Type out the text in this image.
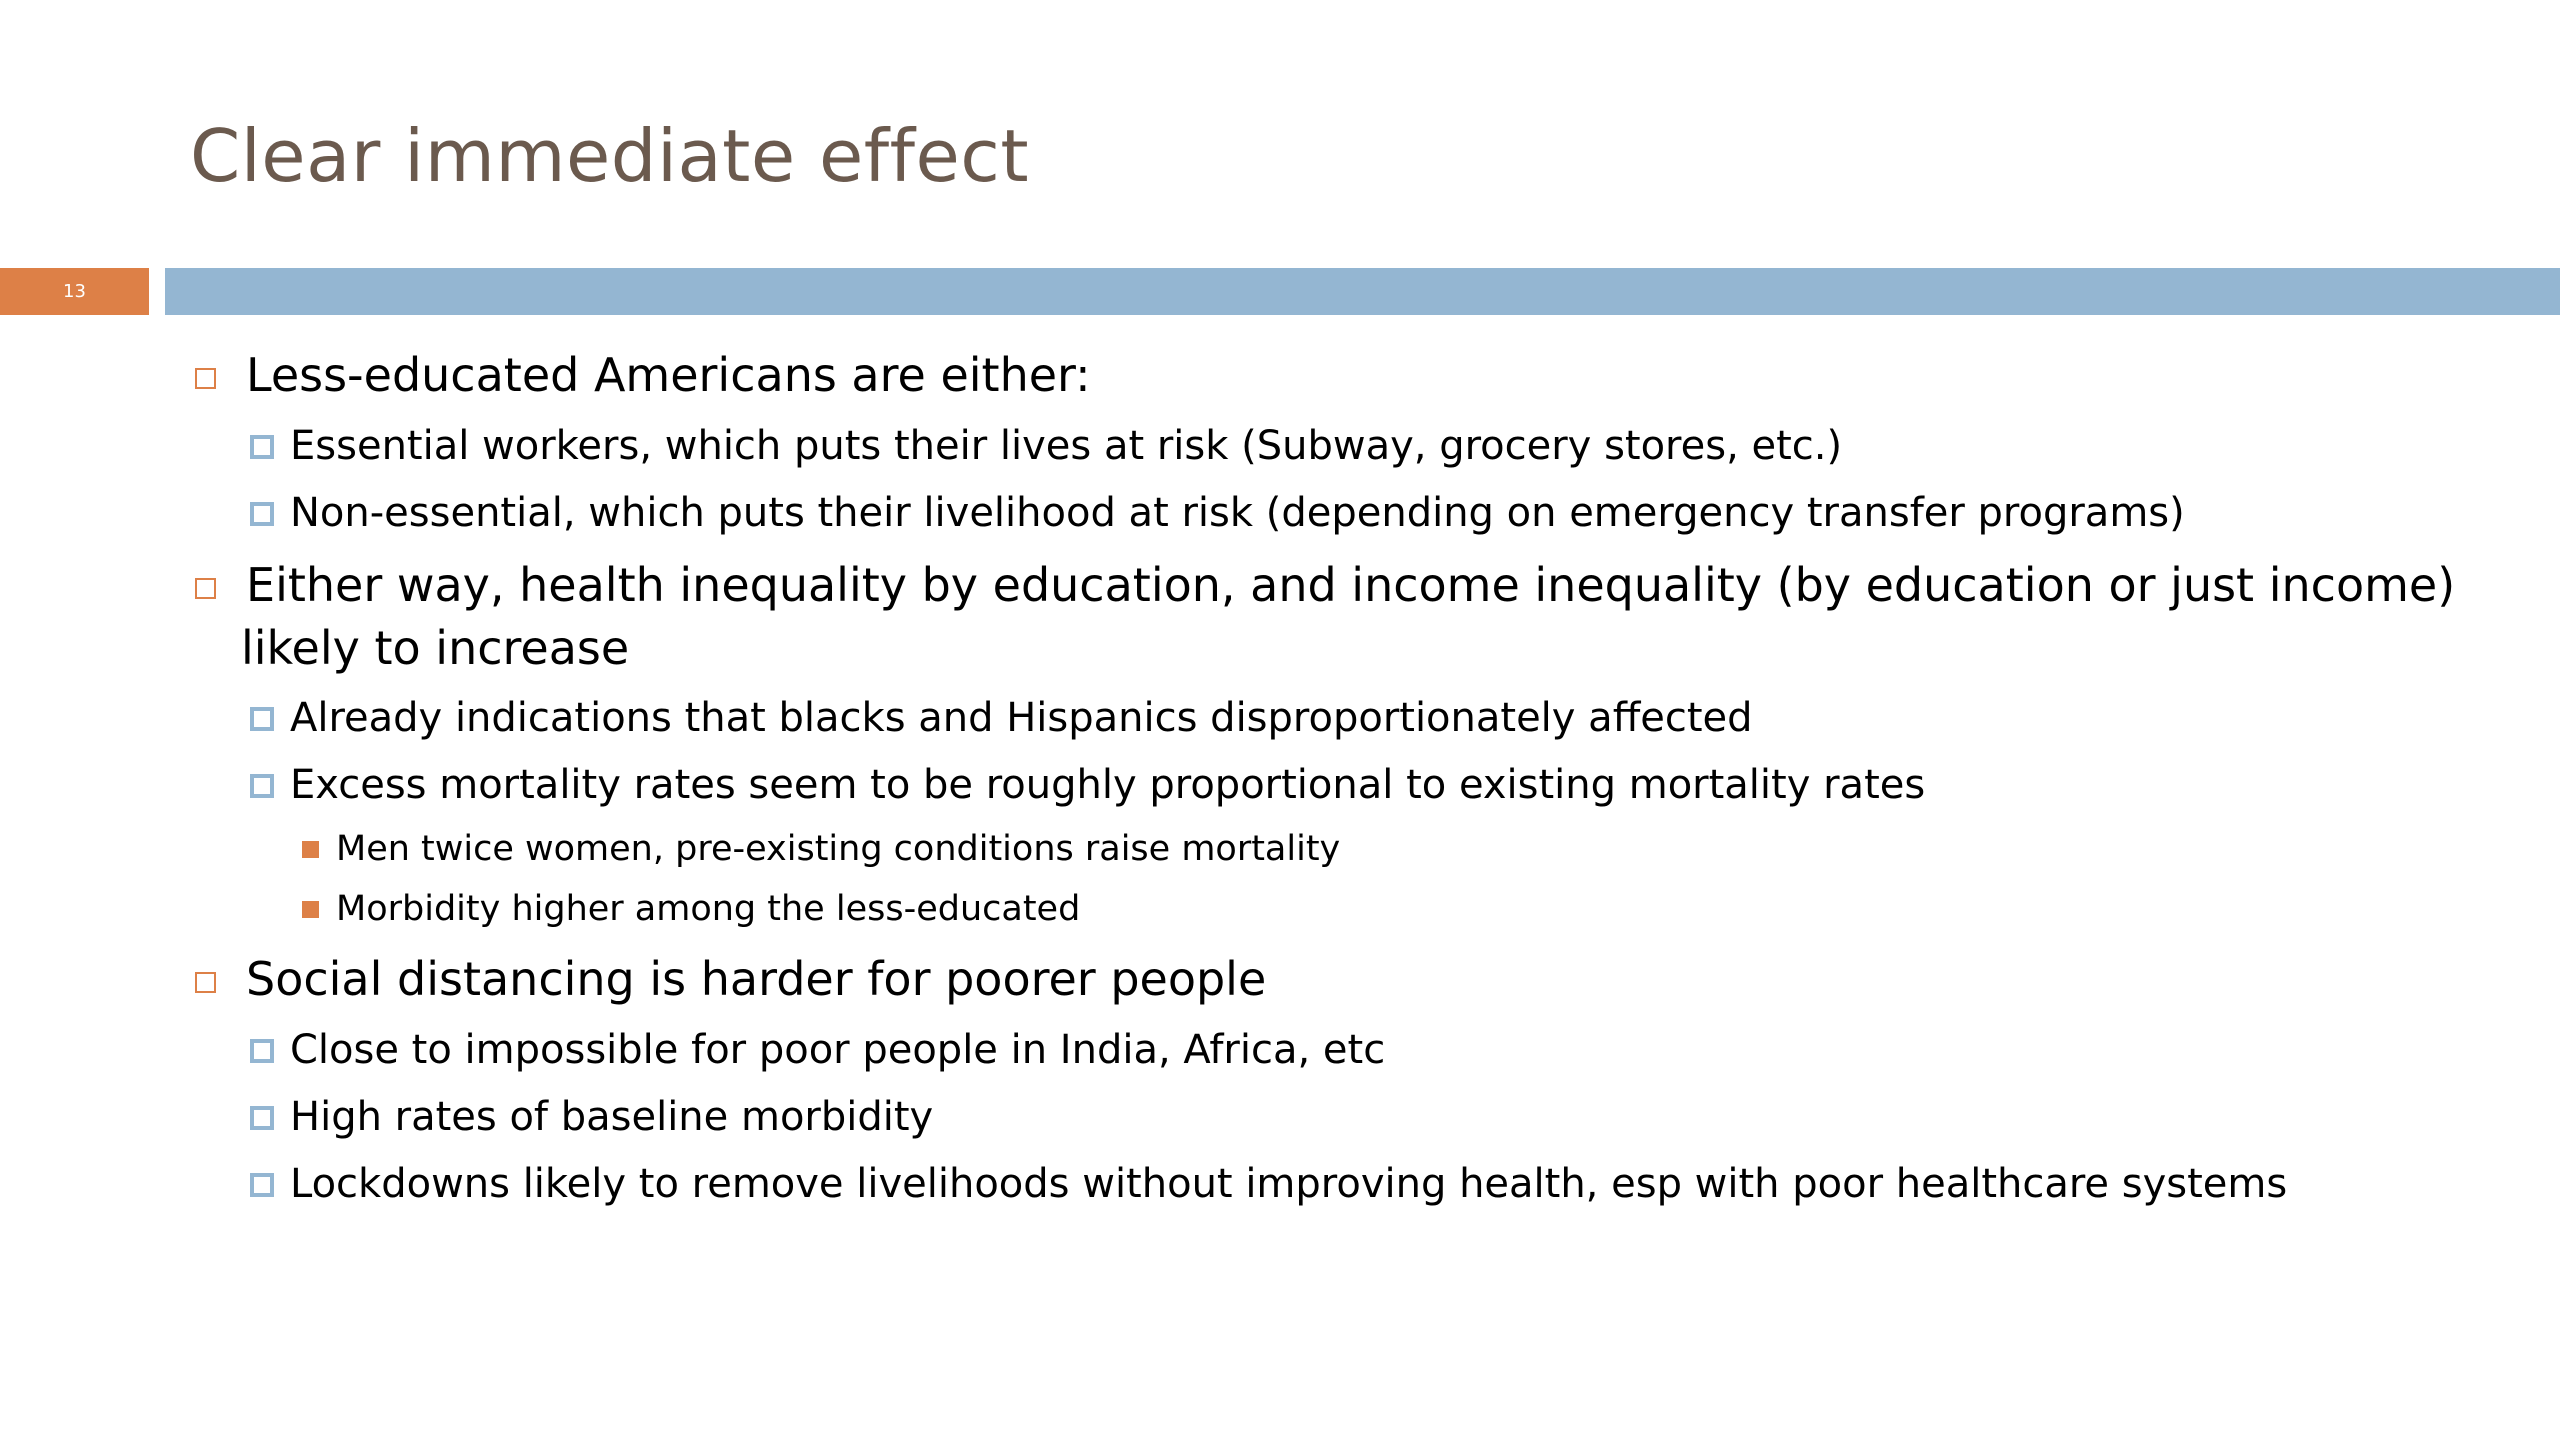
Clear immediate effect
13
Less-educated Americans are either:
Essential workers, which puts their lives at risk (Subway, grocery stores, etc.)
Non-essential, which puts their livelihood at risk (depending on emergency transfer programs)
Either way, health inequality by education, and income inequality (by education or just income)
likely to increase
Already indications that blacks and Hispanics disproportionately affected
Excess mortality rates seem to be roughly proportional to existing mortality rates
Men twice women, pre-existing conditions raise mortality
Morbidity higher among the less-educated
Social distancing is harder for poorer people
Close to impossible for poor people in India, Africa, etc
High rates of baseline morbidity
Lockdowns likely to remove livelihoods without improving health, esp with poor healthcare systems
